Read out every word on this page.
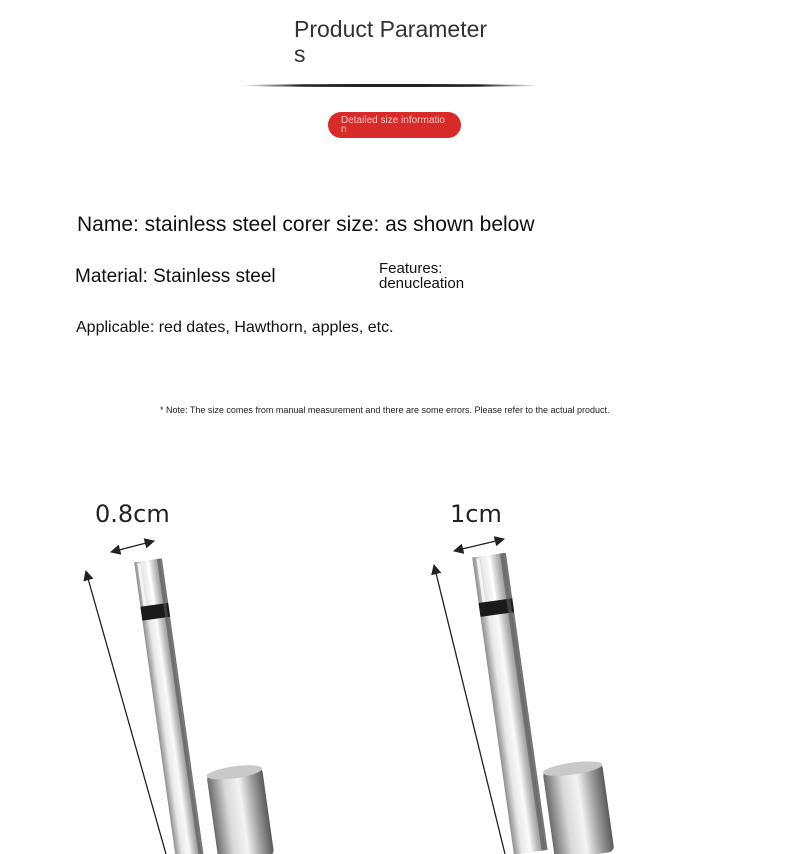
Product Parameters
Detailed size information
Name: stainless steel corer size: as shown below
Material: Stainless steel	Features: denucleation
Applicable: red dates, Hawthorn, apples, etc.
* Note: The size comes from manual measurement and there are some errors. Please refer to the actual product.
0.8cm	1cm
